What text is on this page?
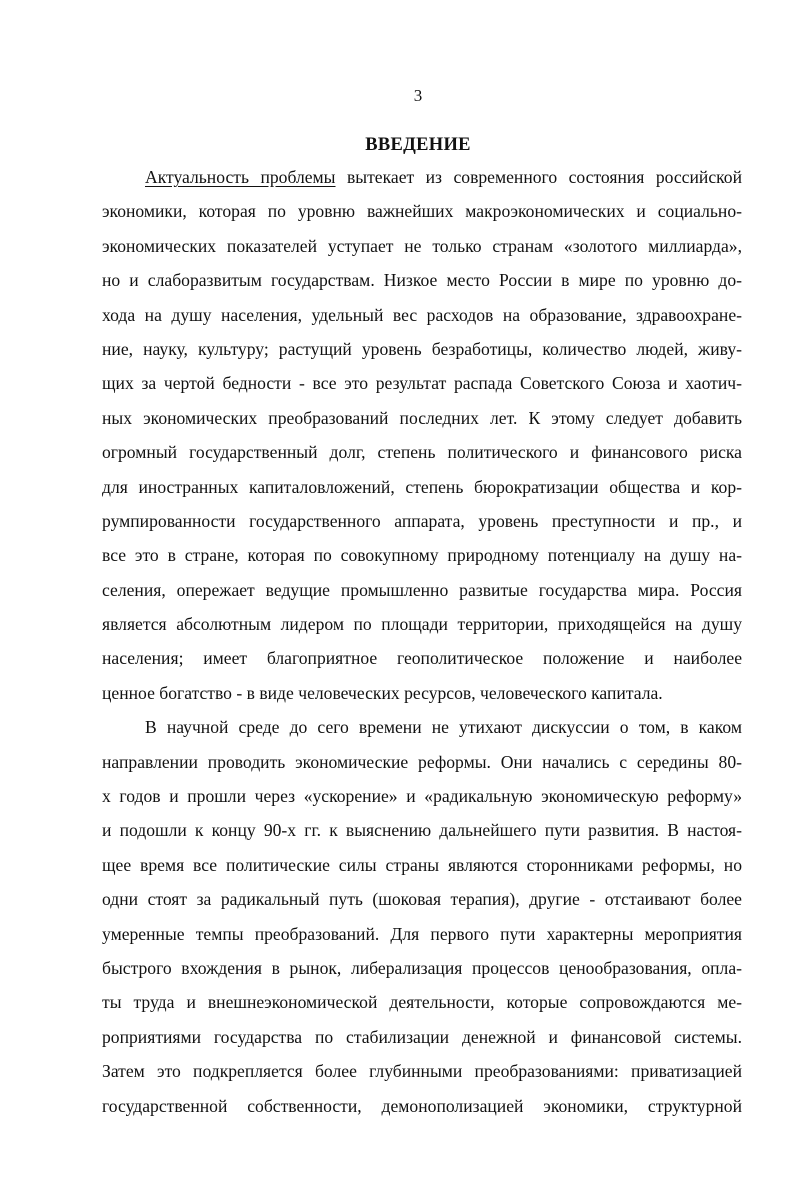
3
ВВЕДЕНИЕ
Актуальность проблемы вытекает из современного состояния российской
экономики, которая по уровню важнейших макроэкономических и социально-
экономических показателей уступает не только странам «золотого миллиарда»,
но и слаборазвитым государствам. Низкое место России в мире по уровню до-
хода на душу населения, удельный вес расходов на образование, здравоохране-
ние, науку, культуру; растущий уровень безработицы, количество людей, живу-
щих за чертой бедности - все это результат распада Советского Союза и хаотич-
ных экономических преобразований последних лет. К этому следует добавить
огромный государственный долг, степень политического и финансового риска
для иностранных капиталовложений, степень бюрократизации общества и кор-
румпированности государственного аппарата, уровень преступности и пр., и
все это в стране, которая по совокупному природному потенциалу на душу на-
селения, опережает ведущие промышленно развитые государства мира. Россия
является абсолютным лидером по площади территории, приходящейся на душу
населения; имеет благоприятное геополитическое положение и наиболее
ценное богатство - в виде человеческих ресурсов, человеческого капитала.
В научной среде до сего времени не утихают дискуссии о том, в каком
направлении проводить экономические реформы. Они начались с середины 80-
х годов и прошли через «ускорение» и «радикальную экономическую реформу»
и подошли к концу 90-х гг. к выяснению дальнейшего пути развития. В настоя-
щее время все политические силы страны являются сторонниками реформы, но
одни стоят за радикальный путь (шоковая терапия), другие - отстаивают более
умеренные темпы преобразований. Для первого пути характерны мероприятия
быстрого вхождения в рынок, либерализация процессов ценообразования, опла-
ты труда и внешнеэкономической деятельности, которые сопровождаются ме-
роприятиями государства по стабилизации денежной и финансовой системы.
Затем это подкрепляется более глубинными преобразованиями: приватизацией
государственной собственности, демонополизацией экономики, структурной
